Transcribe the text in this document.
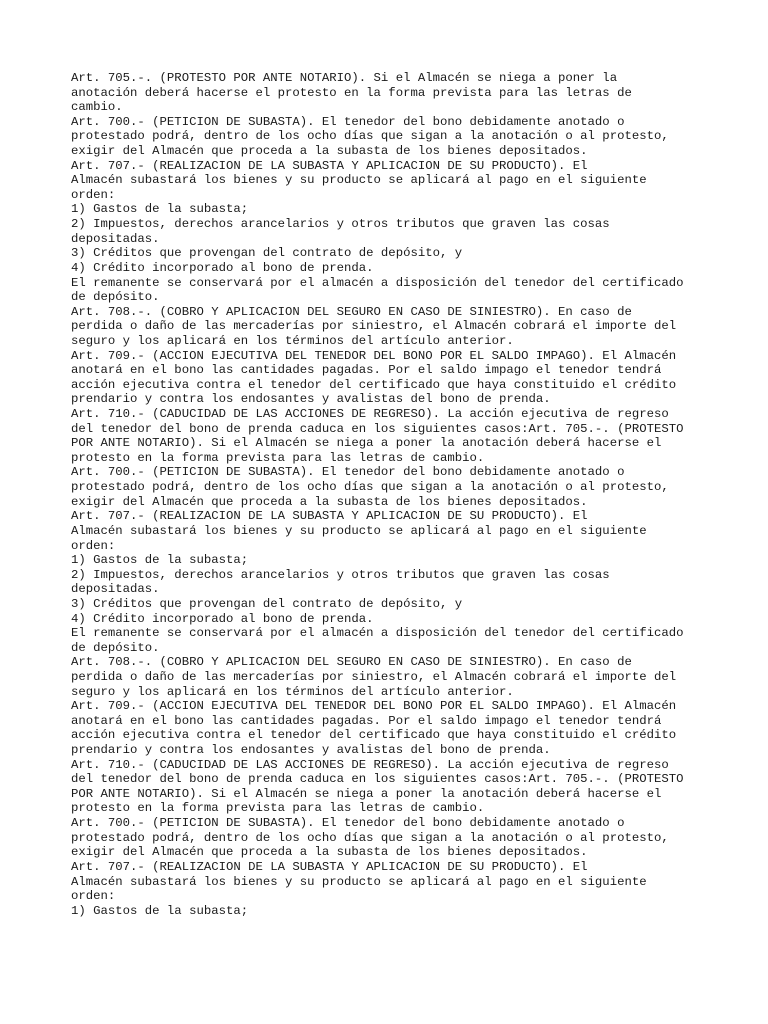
Art. 705.-. (PROTESTO POR ANTE NOTARIO). Si el Almacén se niega a poner la
anotación deberá hacerse el protesto en la forma prevista para las letras de
cambio.
Art. 700.- (PETICION DE SUBASTA). El tenedor del bono debidamente anotado o
protestado podrá, dentro de los ocho días que sigan a la anotación o al protesto,
exigir del Almacén que proceda a la subasta de los bienes depositados.
Art. 707.- (REALIZACION DE LA SUBASTA Y APLICACION DE SU PRODUCTO). El
Almacén subastará los bienes y su producto se aplicará al pago en el siguiente
orden:
1) Gastos de la subasta;
2) Impuestos, derechos arancelarios y otros tributos que graven las cosas
depositadas.
3) Créditos que provengan del contrato de depósito, y
4) Crédito incorporado al bono de prenda.
El remanente se conservará por el almacén a disposición del tenedor del certificado
de depósito.
Art. 708.-. (COBRO Y APLICACION DEL SEGURO EN CASO DE SINIESTRO). En caso de
perdida o daño de las mercaderías por siniestro, el Almacén cobrará el importe del
seguro y los aplicará en los términos del artículo anterior.
Art. 709.- (ACCION EJECUTIVA DEL TENEDOR DEL BONO POR EL SALDO IMPAGO). El Almacén
anotará en el bono las cantidades pagadas. Por el saldo impago el tenedor tendrá
acción ejecutiva contra el tenedor del certificado que haya constituido el crédito
prendario y contra los endosantes y avalistas del bono de prenda.
Art. 710.- (CADUCIDAD DE LAS ACCIONES DE REGRESO). La acción ejecutiva de regreso
del tenedor del bono de prenda caduca en los siguientes casos:Art. 705.-. (PROTESTO
POR ANTE NOTARIO). Si el Almacén se niega a poner la anotación deberá hacerse el
protesto en la forma prevista para las letras de cambio.
Art. 700.- (PETICION DE SUBASTA). El tenedor del bono debidamente anotado o
protestado podrá, dentro de los ocho días que sigan a la anotación o al protesto,
exigir del Almacén que proceda a la subasta de los bienes depositados.
Art. 707.- (REALIZACION DE LA SUBASTA Y APLICACION DE SU PRODUCTO). El
Almacén subastará los bienes y su producto se aplicará al pago en el siguiente
orden:
1) Gastos de la subasta;
2) Impuestos, derechos arancelarios y otros tributos que graven las cosas
depositadas.
3) Créditos que provengan del contrato de depósito, y
4) Crédito incorporado al bono de prenda.
El remanente se conservará por el almacén a disposición del tenedor del certificado
de depósito.
Art. 708.-. (COBRO Y APLICACION DEL SEGURO EN CASO DE SINIESTRO). En caso de
perdida o daño de las mercaderías por siniestro, el Almacén cobrará el importe del
seguro y los aplicará en los términos del artículo anterior.
Art. 709.- (ACCION EJECUTIVA DEL TENEDOR DEL BONO POR EL SALDO IMPAGO). El Almacén
anotará en el bono las cantidades pagadas. Por el saldo impago el tenedor tendrá
acción ejecutiva contra el tenedor del certificado que haya constituido el crédito
prendario y contra los endosantes y avalistas del bono de prenda.
Art. 710.- (CADUCIDAD DE LAS ACCIONES DE REGRESO). La acción ejecutiva de regreso
del tenedor del bono de prenda caduca en los siguientes casos:Art. 705.-. (PROTESTO
POR ANTE NOTARIO). Si el Almacén se niega a poner la anotación deberá hacerse el
protesto en la forma prevista para las letras de cambio.
Art. 700.- (PETICION DE SUBASTA). El tenedor del bono debidamente anotado o
protestado podrá, dentro de los ocho días que sigan a la anotación o al protesto,
exigir del Almacén que proceda a la subasta de los bienes depositados.
Art. 707.- (REALIZACION DE LA SUBASTA Y APLICACION DE SU PRODUCTO). El
Almacén subastará los bienes y su producto se aplicará al pago en el siguiente
orden:
1) Gastos de la subasta;
